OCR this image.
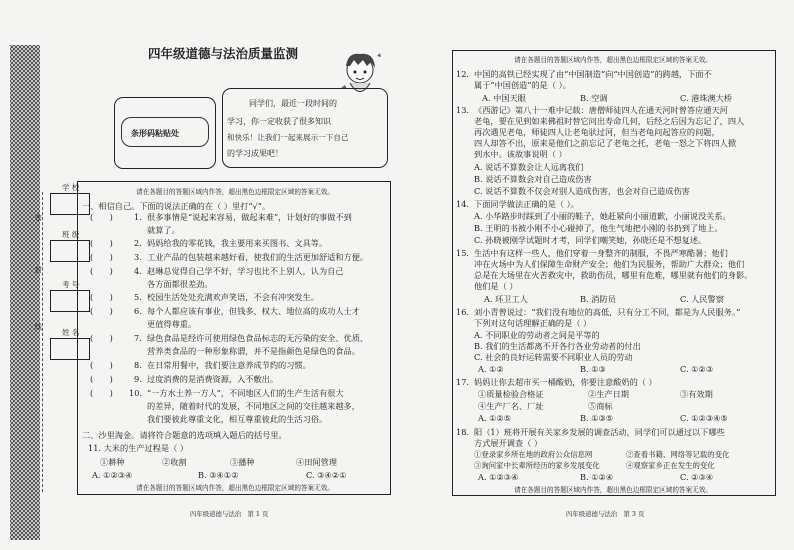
密
封
线
学 校
班 级
考 号
姓 名
四年级道德与法治质量监测
条形码粘贴处
同学们，最近一段时间的
学习，你一定收获了很多知识
和快乐！让我们一起来展示一下自己
的学习成果吧！
请在各题目的答题区域内作答，超出黑色边框限定区域的答案无效。
一、相信自己。下面的说法正确的在（ ）里打“√”。
(　　)	1. 很多事情是“说起来容易，做起来难”，计划好的事做不到
就算了。
(　　)	2. 妈妈给我的零花钱，我主要用来买图书、文具等。
(　　)	3. 工业产品的包装越来越好看，使我们的生活更加舒适和方便。
(　　)	4. 赵琳总觉得自己学不好，学习也比不上别人，认为自己
各方面都很差劲。
(　　)	5. 校园生活处处充满欢声笑语，不会有冲突发生。
(　　)	6. 每个人都应该有事业，但钱多、权大、地位高的成功人士才
更值得尊重。
(　　)	7. 绿色食品是经许可使用绿色食品标志的无污染的安全、优质、
营养类食品的一种形象称谓，并不是指颜色是绿色的食品。
(　　)	8. 在日常用餐中，我们要注意养成节约的习惯。
(　　)	9. 过度消费的是消费资源，入不敷出。
(　　) 10. “一方水土养一方人”，不同地区人们的生产生活有很大
的差异，随着时代的发展，不同地区之间的交往越来越多，
我们要彼此尊重文化，相互尊重彼此的生活习俗。
二、沙里淘金。请将符合题意的选项填入题后的括号里。
11. 大米的生产过程是（ ）
①耕种	②收割	③播种	④田间管理
A. ①②③④	B. ③④①②	C. ③④②①
请在各题目的答题区域内作答，超出黑色边框限定区域的答案无效。
四年级道德与法治　第 1 页
请在各题目的答题区域内作答，超出黑色边框限定区域的答案无效。
12. 中国的高铁已经实现了由“中国制造”向“中国创造”的跨越，下面不
属于“中国创造”的是（ ）。
A. 中国天眼	B. 空调	C. 港珠澳大桥
13. 《西游记》第八十一难中记载：唐僧师徒四人在通天河时曾答应通天河
老龟，要在见到如来佛祖时替它问出寿命几何，后经之后因为忘记了，四人
再次遇见老龟，师徒四人让老龟驮过河，但当老龟问起答应的问题，
四人却答不出，原来是他们之前忘记了老龟之托，老龟一怒之下将四人掀
到水中。该故事说明（ ）
A. 说话不算数会让人远离我们
B. 说话不算数会对自己造成伤害
C. 说话不算数不仅会对别人造成伤害，也会对自己造成伤害
14. 下面同学做法正确的是（ ）。
A. 小华路步时踩到了小丽的鞋子，她赶紧向小丽道歉，小丽说没关系。
B. 王明的书被小刚不小心碰掉了，他生气地把小刚的书扔到了地上。
C. 孙晓被刚学试题时才考，同学们嘲笑她，孙晓还是不想复述。
15. 生活中有这样一些人，他们穿着一身整齐的制服，不畏严寒酷暑；他们
冲在火场中为人们保障生命财产安全；他们为民服务，帮助广大群众；他们
总是在大场里在火苦救灾中，救助伤员，哪里有危难，哪里就有他们的身影。
他们是（ ）
A. 环卫工人	B. 消防员	C. 人民警察
16. 刘小青曾说过：“我们没有地位的高低，只有分工不同，都是为人民服务。”
下列对这句话理解正确的是（ ）
A. 不同职业的劳动者之间是平等的
B. 我们的生活都离不开各行各业劳动者的付出
C. 社会的良好运转需要不同职业人员的劳动
A. ①②	B. ①③	C. ①②③
17. 妈妈让你去超市买一桶酸奶，你要注意酸奶的（ ）
①质量检验合格证	②生产日期	③有效期
④生产厂名、厂址	⑤商标
A. ①②⑤	B. ①③⑤	C. ①②③④⑤
18. 阳（1）班将开展有关家乡发展的调查活动，同学们可以通过以下哪些
方式展开调查（ ）
①登录家乡所在地的政府公众信息网	②查看书籍、网络等记载的变化
③询问家中长辈所经历的家乡发展变化	④观察家乡正在发生的变化
A. ①②③④	B. ①②④	C. ②③④
请在各题目的答题区域内作答，超出黑色边框限定区域的答案无效。
四年级道德与法治　第 3 页
